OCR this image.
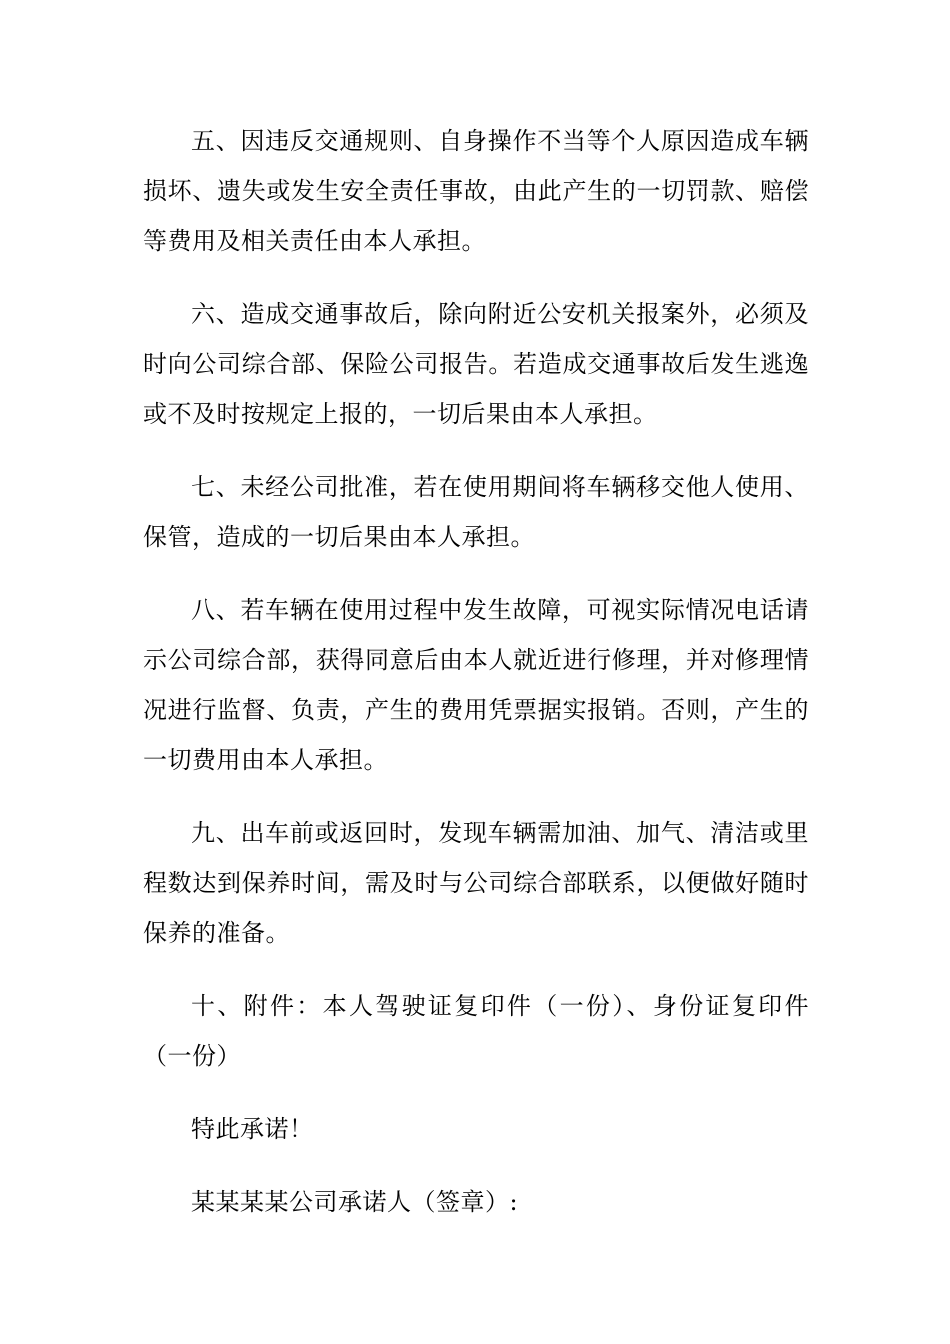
五、因违反交通规则、自身操作不当等个人原因造成车辆损坏、遗失或发生安全责任事故，由此产生的一切罚款、赔偿等费用及相关责任由本人承担。

六、造成交通事故后，除向附近公安机关报案外，必须及时向公司综合部、保险公司报告。若造成交通事故后发生逃逸或不及时按规定上报的，一切后果由本人承担。

七、未经公司批准，若在使用期间将车辆移交他人使用、保管，造成的一切后果由本人承担。

八、若车辆在使用过程中发生故障，可视实际情况电话请示公司综合部，获得同意后由本人就近进行修理，并对修理情况进行监督、负责，产生的费用凭票据实报销。否则，产生的一切费用由本人承担。

九、出车前或返回时，发现车辆需加油、加气、清洁或里程数达到保养时间，需及时与公司综合部联系，以便做好随时保养的准备。

十、附件：本人驾驶证复印件（一份）、身份证复印件（一份）

特此承诺！

某某某某公司承诺人（签章）:
